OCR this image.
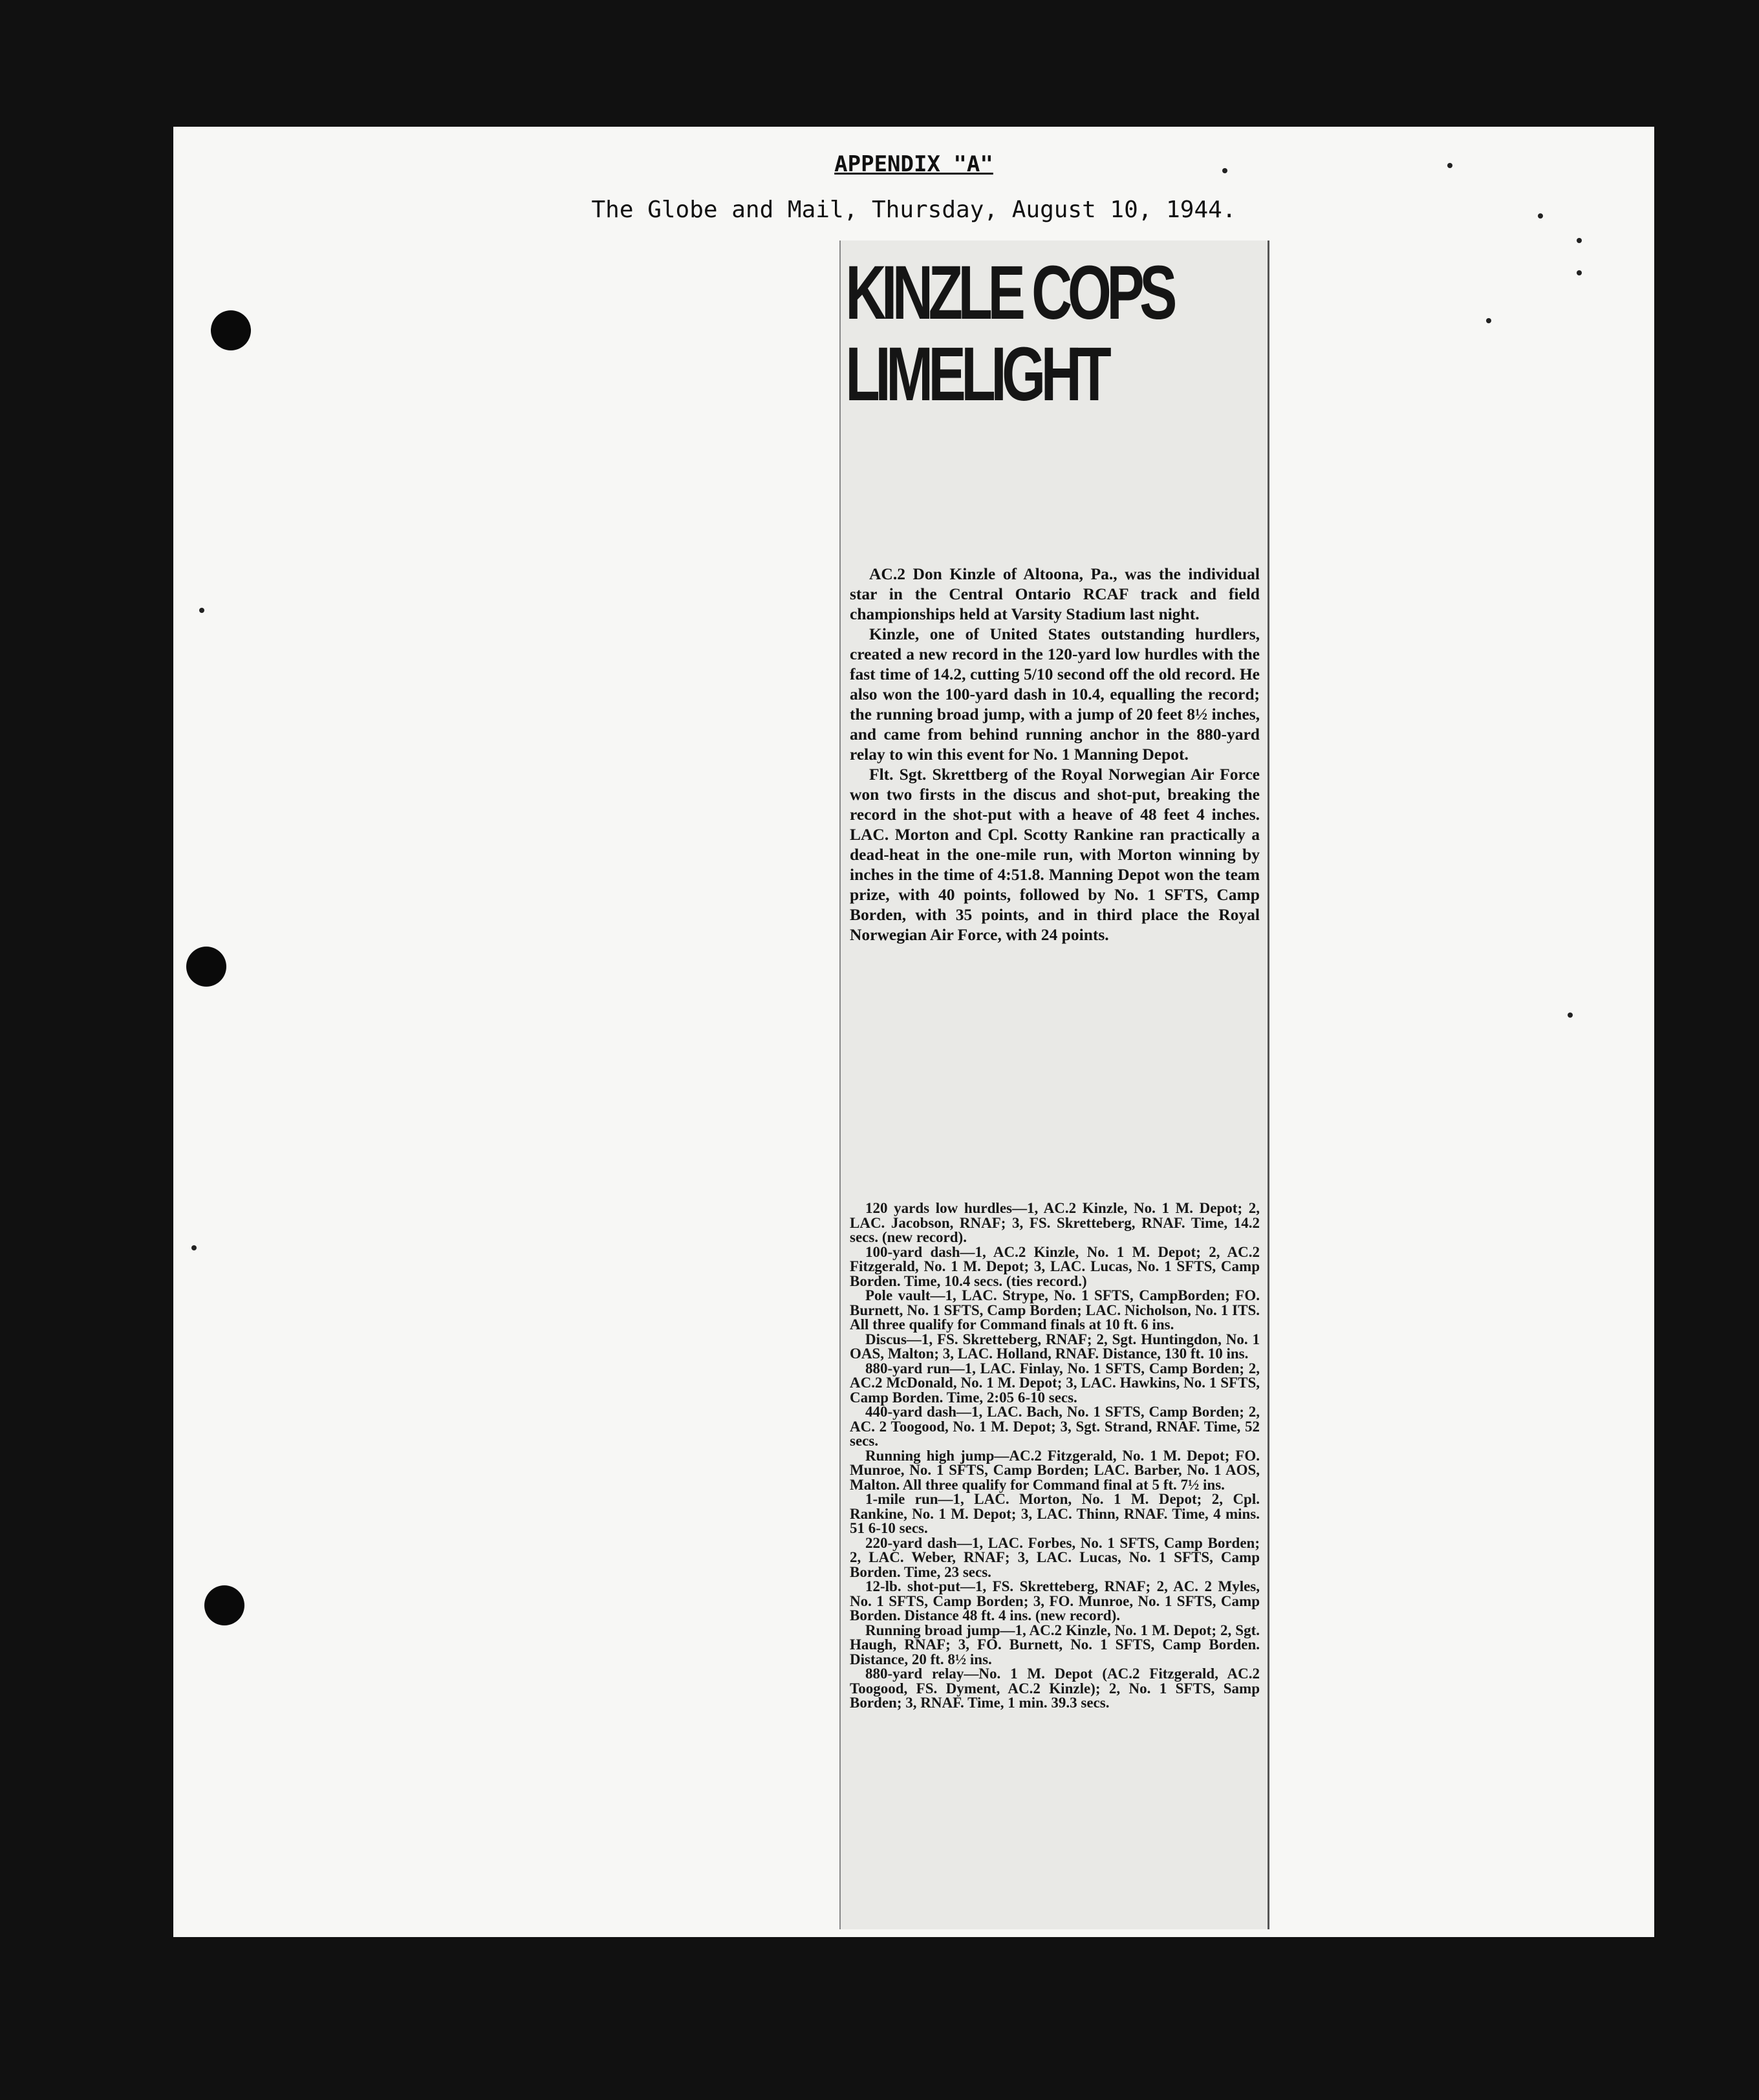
APPENDIX "A"
The Globe and Mail, Thursday, August 10, 1944.
KINZLE COPS
LIMELIGHT

AC.2 Don Kinzle of Altoona, Pa., was the individual star in the Central Ontario RCAF track and field championships held at Varsity Stadium last night.

Kinzle, one of United States outstanding hurdlers, created a new record in the 120-yard low hurdles with the fast time of 14.2, cutting 5/10 second off the old record. He also won the 100-yard dash in 10.4, equalling the record; the running broad jump, with a jump of 20 feet 8½ inches, and came from behind running anchor in the 880-yard relay to win this event for No. 1 Manning Depot.

Flt. Sgt. Skrettberg of the Royal Norwegian Air Force won two firsts in the discus and shot-put, breaking the record in the shot-put with a heave of 48 feet 4 inches. LAC. Morton and Cpl. Scotty Rankine ran practically a dead-heat in the one-mile run, with Morton winning by inches in the time of 4:51.8. Manning Depot won the team prize, with 40 points, followed by No. 1 SFTS, Camp Borden, with 35 points, and in third place the Royal Norwegian Air Force, with 24 points.

120 yards low hurdles—1, AC.2 Kinzle, No. 1 M. Depot; 2, LAC. Jacobson, RNAF; 3, FS. Skretteberg, RNAF. Time, 14.2 secs. (new record).

100-yard dash—1, AC.2 Kinzle, No. 1 M. Depot; 2, AC.2 Fitzgerald, No. 1 M. Depot; 3, LAC. Lucas, No. 1 SFTS, Camp Borden. Time, 10.4 secs. (ties record.)

Pole vault—1, LAC. Strype, No. 1 SFTS, CampBorden; FO. Burnett, No. 1 SFTS, Camp Borden; LAC. Nicholson, No. 1 ITS. All three qualify for Command finals at 10 ft. 6 ins.

Discus—1, FS. Skretteberg, RNAF; 2, Sgt. Huntingdon, No. 1 OAS, Malton; 3, LAC. Holland, RNAF. Distance, 130 ft. 10 ins.

880-yard run—1, LAC. Finlay, No. 1 SFTS, Camp Borden; 2, AC.2 McDonald, No. 1 M. Depot; 3, LAC. Hawkins, No. 1 SFTS, Camp Borden. Time, 2:05 6-10 secs.

440-yard dash—1, LAC. Bach, No. 1 SFTS, Camp Borden; 2, AC. 2 Toogood, No. 1 M. Depot; 3, Sgt. Strand, RNAF. Time, 52 secs.

Running high jump—AC.2 Fitzgerald, No. 1 M. Depot; FO. Munroe, No. 1 SFTS, Camp Borden; LAC. Barber, No. 1 AOS, Malton. All three qualify for Command final at 5 ft. 7½ ins.

1-mile run—1, LAC. Morton, No. 1 M. Depot; 2, Cpl. Rankine, No. 1 M. Depot; 3, LAC. Thinn, RNAF. Time, 4 mins. 51 6-10 secs.

220-yard dash—1, LAC. Forbes, No. 1 SFTS, Camp Borden; 2, LAC. Weber, RNAF; 3, LAC. Lucas, No. 1 SFTS, Camp Borden. Time, 23 secs.

12-lb. shot-put—1, FS. Skretteberg, RNAF; 2, AC. 2 Myles, No. 1 SFTS, Camp Borden; 3, FO. Munroe, No. 1 SFTS, Camp Borden. Distance 48 ft. 4 ins. (new record).

Running broad jump—1, AC.2 Kinzle, No. 1 M. Depot; 2, Sgt. Haugh, RNAF; 3, FO. Burnett, No. 1 SFTS, Camp Borden. Distance, 20 ft. 8½ ins.

880-yard relay—No. 1 M. Depot (AC.2 Fitzgerald, AC.2 Toogood, FS. Dyment, AC.2 Kinzle); 2, No. 1 SFTS, Samp Borden; 3, RNAF. Time, 1 min. 39.3 secs.
